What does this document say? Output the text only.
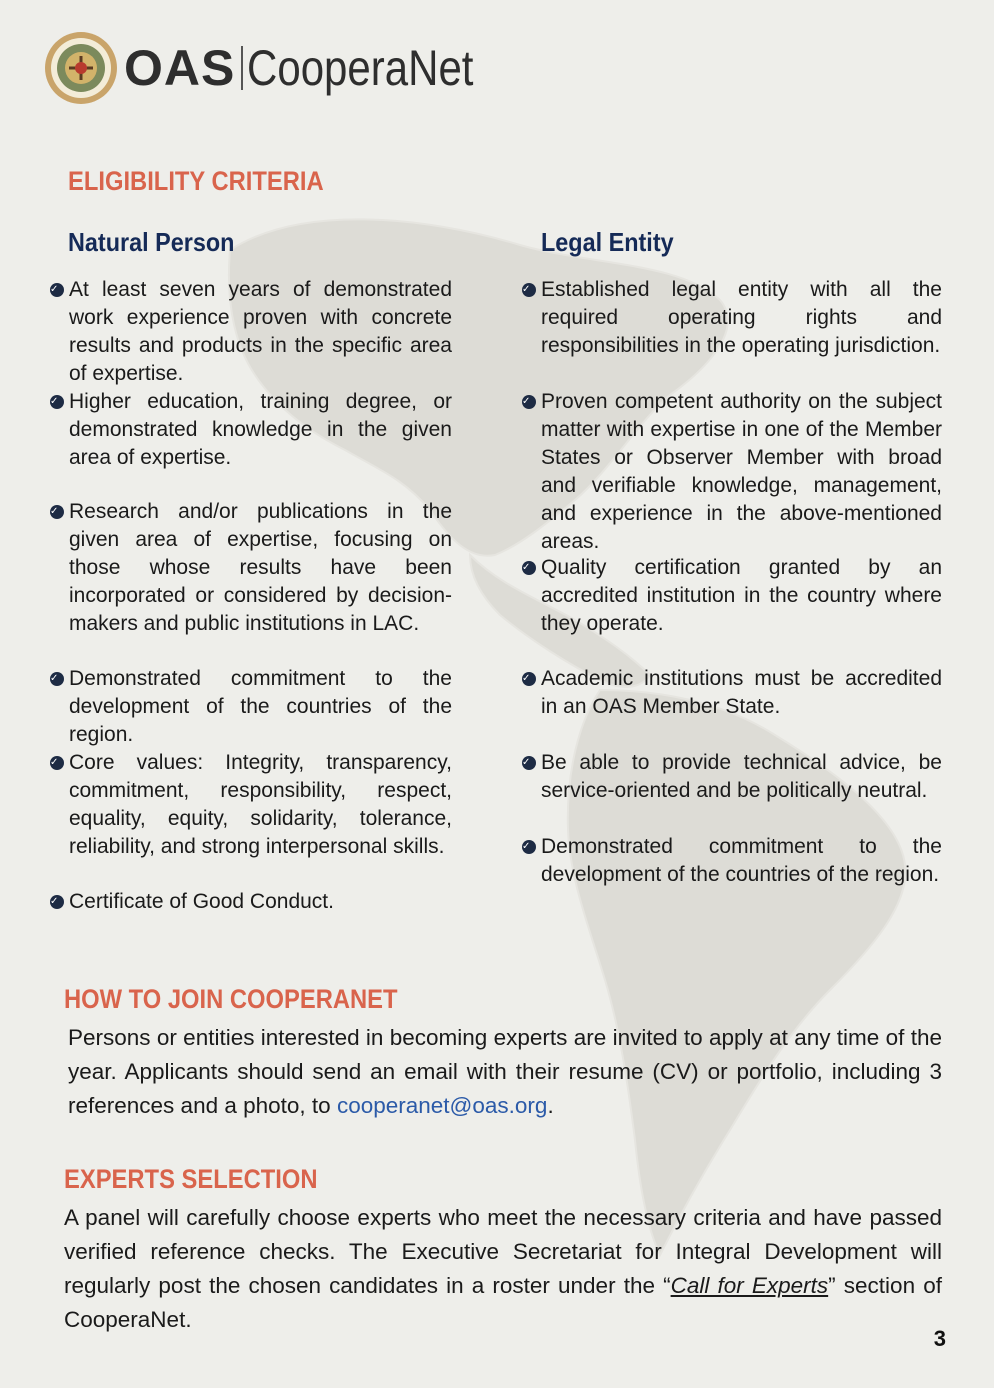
OAS CooperaNet
ELIGIBILITY CRITERIA
Natural Person	Legal Entity
✓ At least seven years of demonstrated work experience proven with concrete results and products in the specific area of expertise.
✓ Higher education, training degree, or demonstrated knowledge in the given area of expertise.
✓ Research and/or publications in the given area of expertise, focusing on those whose results have been incorporated or considered by decision-makers and public institutions in LAC.
✓ Demonstrated commitment to the development of the countries of the region.
✓ Core values: Integrity, transparency, commitment, responsibility, respect, equality, equity, solidarity, tolerance, reliability, and strong interpersonal skills.
✓ Certificate of Good Conduct.
✓ Established legal entity with all the required operating rights and responsibilities in the operating jurisdiction.
✓ Proven competent authority on the subject matter with expertise in one of the Member States or Observer Member with broad and verifiable knowledge, management, and experience in the above-mentioned areas.
✓ Quality certification granted by an accredited institution in the country where they operate.
✓ Academic institutions must be accredited in an OAS Member State.
✓ Be able to provide technical advice, be service-oriented and be politically neutral.
✓ Demonstrated commitment to the development of the countries of the region.
HOW TO JOIN COOPERANET

Persons or entities interested in becoming experts are invited to apply at any time of the year. Applicants should send an email with their resume (CV) or portfolio, including 3 references and a photo, to cooperanet@oas.org.

EXPERTS SELECTION

A panel will carefully choose experts who meet the necessary criteria and have passed verified reference checks. The Executive Secretariat for Integral Development will regularly post the chosen candidates in a roster under the “Call for Experts” section of CooperaNet.

3
